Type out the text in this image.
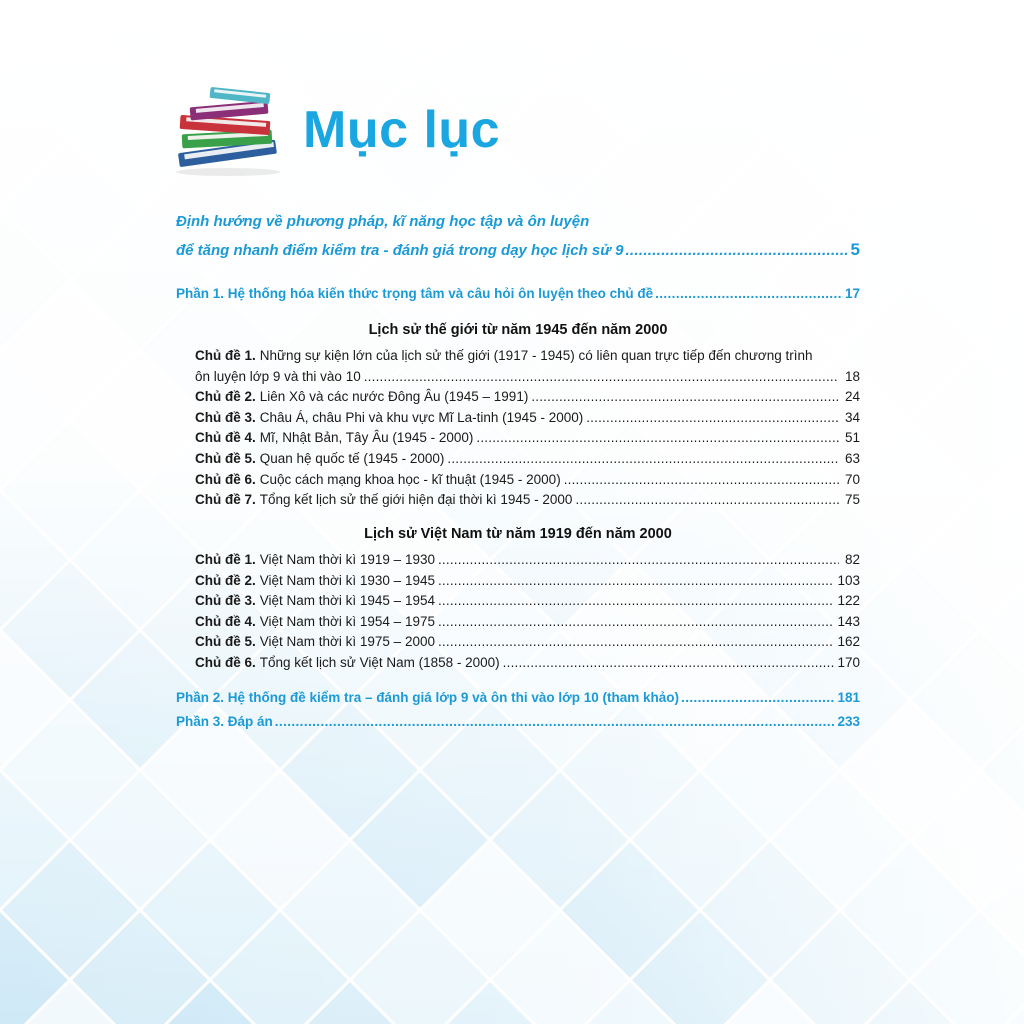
Mục lục
Định hướng về phương pháp, kĩ năng học tập và ôn luyện
để tăng nhanh điểm kiểm tra - đánh giá trong dạy học lịch sử 9 .....	5
Phần 1. Hệ thống hóa kiến thức trọng tâm và câu hỏi ôn luyện theo chủ đề .....	17
Lịch sử thế giới từ năm 1945 đến năm 2000
Chủ đề 1. Những sự kiện lớn của lịch sử thế giới (1917 - 1945) có liên quan trực tiếp đến chương trình
ôn luyện lớp 9 và thi vào 10 .....	18
Chủ đề 2. Liên Xô và các nước Đông Âu (1945 – 1991) .....	24
Chủ đề 3. Châu Á, châu Phi và khu vực Mĩ La-tinh (1945 - 2000) .....	34
Chủ đề 4. Mĩ, Nhật Bản, Tây Âu (1945 - 2000) .....	51
Chủ đề 5. Quan hệ quốc tế (1945 - 2000) .....	63
Chủ đề 6. Cuộc cách mạng khoa học - kĩ thuật (1945 - 2000) .....	70
Chủ đề 7. Tổng kết lịch sử thế giới hiện đại thời kì 1945 - 2000 .....	75
Lịch sử Việt Nam từ năm 1919 đến năm 2000
Chủ đề 1. Việt Nam thời kì 1919 – 1930 .....	82
Chủ đề 2. Việt Nam thời kì 1930 – 1945 .....	103
Chủ đề 3. Việt Nam thời kì 1945 – 1954 .....	122
Chủ đề 4. Việt Nam thời kì 1954 – 1975 .....	143
Chủ đề 5. Việt Nam thời kì 1975 – 2000 .....	162
Chủ đề 6. Tổng kết lịch sử Việt Nam (1858 - 2000) .....	170
Phần 2. Hệ thống đề kiểm tra – đánh giá lớp 9 và ôn thi vào lớp 10 (tham khảo) .....	181
Phần 3. Đáp án .....	233
